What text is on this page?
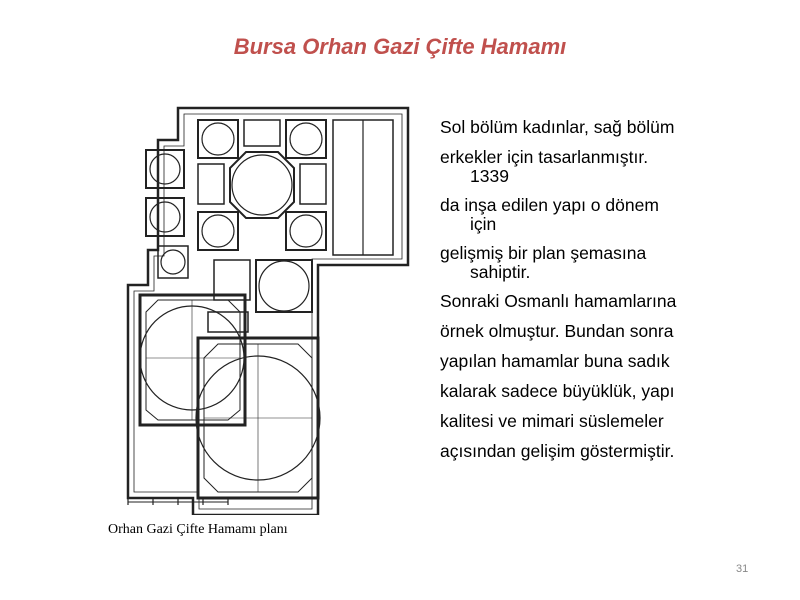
Bursa Orhan Gazi Çifte Hamamı
Orhan Gazi Çifte Hamamı planı
Sol bölüm kadınlar, sağ bölüm
erkekler için tasarlanmıştır.
1339
da inşa edilen yapı o dönem
için
gelişmiş bir plan şemasına
sahiptir.
Sonraki Osmanlı hamamlarına
örnek olmuştur. Bundan sonra
yapılan hamamlar buna sadık
kalarak sadece büyüklük, yapı
kalitesi ve mimari süslemeler
açısından gelişim göstermiştir.
31
